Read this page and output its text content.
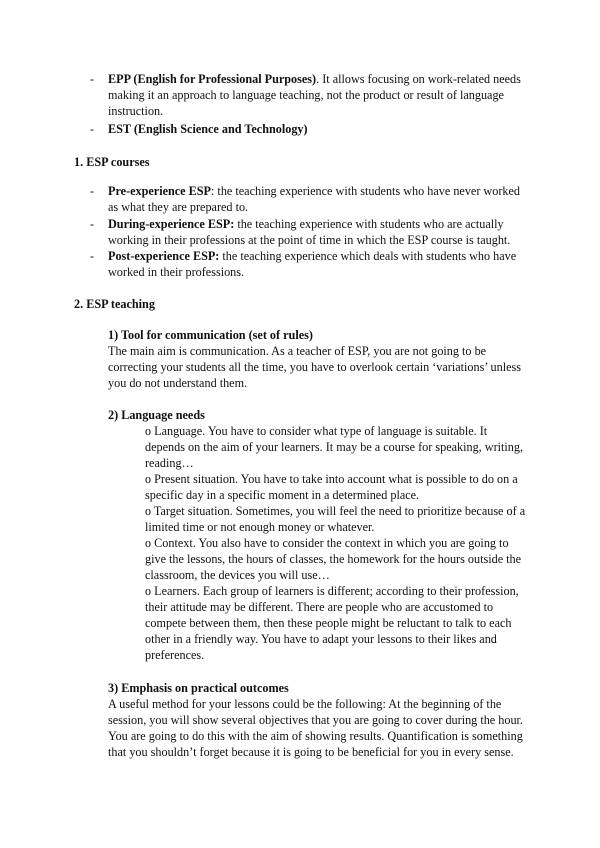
- EPP (English for Professional Purposes). It allows focusing on work-related needs making it an approach to language teaching, not the product or result of language instruction.
- EST (English Science and Technology)
1. ESP courses
- Pre-experience ESP: the teaching experience with students who have never worked as what they are prepared to.
- During-experience ESP: the teaching experience with students who are actually working in their professions at the point of time in which the ESP course is taught.
- Post-experience ESP: the teaching experience which deals with students who have worked in their professions.
2. ESP teaching
1) Tool for communication (set of rules)
The main aim is communication. As a teacher of ESP, you are not going to be correcting your students all the time, you have to overlook certain ‘variations’ unless you do not understand them.
2) Language needs
o Language. You have to consider what type of language is suitable. It depends on the aim of your learners. It may be a course for speaking, writing, reading…
o Present situation. You have to take into account what is possible to do on a specific day in a specific moment in a determined place.
o Target situation. Sometimes, you will feel the need to prioritize because of a limited time or not enough money or whatever.
o Context. You also have to consider the context in which you are going to give the lessons, the hours of classes, the homework for the hours outside the classroom, the devices you will use…
o Learners. Each group of learners is different; according to their profession, their attitude may be different. There are people who are accustomed to compete between them, then these people might be reluctant to talk to each other in a friendly way. You have to adapt your lessons to their likes and preferences.
3) Emphasis on practical outcomes
A useful method for your lessons could be the following: At the beginning of the session, you will show several objectives that you are going to cover during the hour. You are going to do this with the aim of showing results. Quantification is something that you shouldn’t forget because it is going to be beneficial for you in every sense.
